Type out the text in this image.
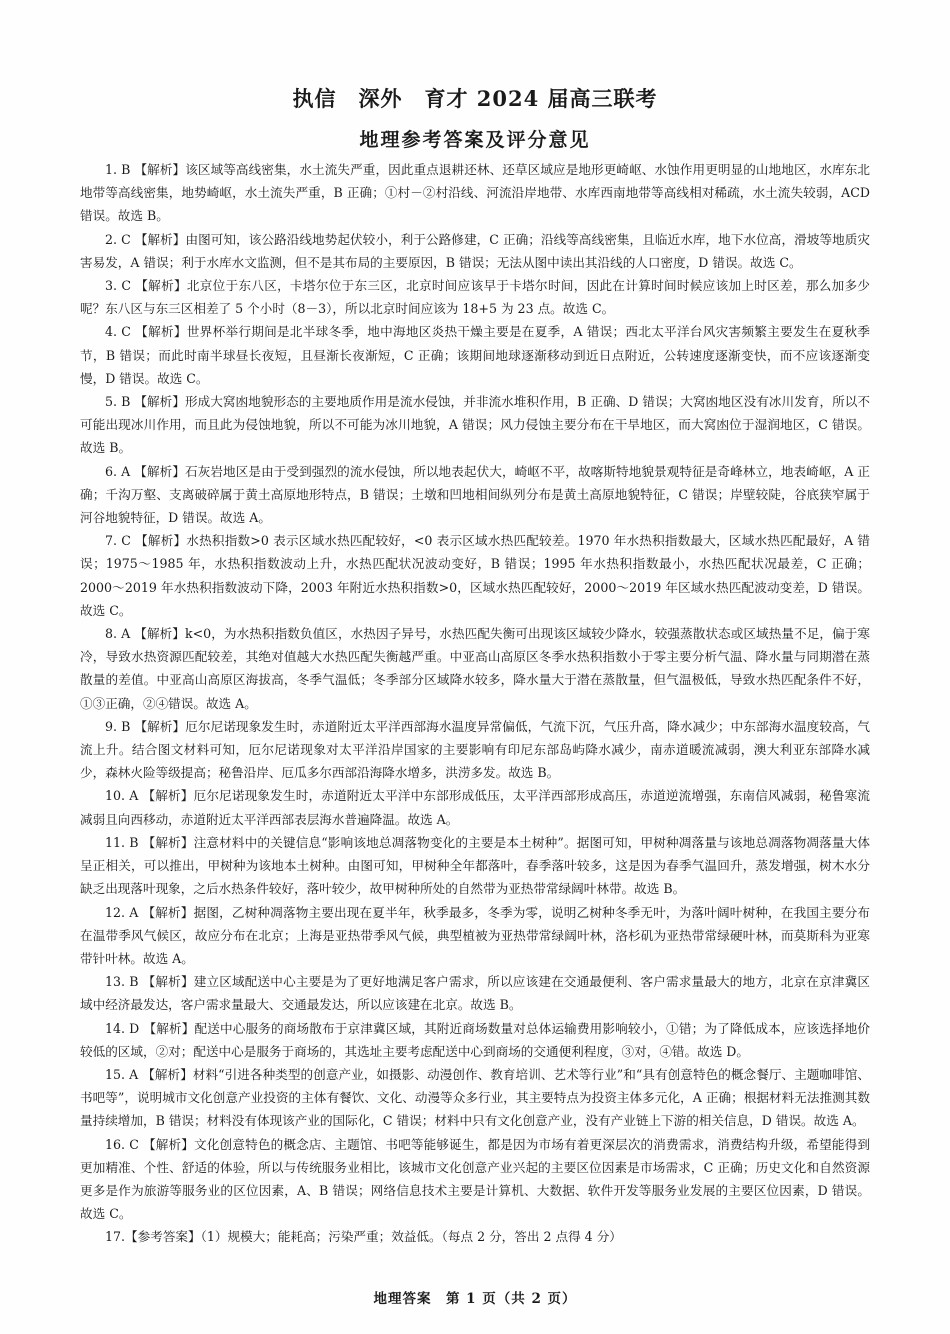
执信　深外　育才 2024 届高三联考
地理参考答案及评分意见

1. B 【解析】该区域等高线密集，水土流失严重，因此重点退耕还林、还草区域应是地形更崎岖、水蚀作用更明显的山地地区，水库东北地带等高线密集，地势崎岖，水土流失严重，B 正确；①村－②村沿线、河流沿岸地带、水库西南地带等高线相对稀疏，水土流失较弱，ACD 错误。故选 B。

2. C 【解析】由图可知，该公路沿线地势起伏较小，利于公路修建，C 正确；沿线等高线密集，且临近水库，地下水位高，滑坡等地质灾害易发，A 错误；利于水库水文监测，但不是其布局的主要原因，B 错误；无法从图中读出其沿线的人口密度，D 错误。故选 C。

3. C 【解析】北京位于东八区，卡塔尔位于东三区，北京时间应该早于卡塔尔时间，因此在计算时间时候应该加上时区差，那么加多少呢？东八区与东三区相差了 5 个小时（8－3），所以北京时间应该为 18+5 为 23 点。故选 C。

4. C 【解析】世界杯举行期间是北半球冬季，地中海地区炎热干燥主要是在夏季，A 错误；西北太平洋台风灾害频繁主要发生在夏秋季节，B 错误；而此时南半球昼长夜短，且昼渐长夜渐短，C 正确；该期间地球逐渐移动到近日点附近，公转速度逐渐变快，而不应该逐渐变慢，D 错误。故选 C。

5. B 【解析】形成大窝凼地貌形态的主要地质作用是流水侵蚀，并非流水堆积作用，B 正确、D 错误；大窝凼地区没有冰川发育，所以不可能出现冰川作用，而且此为侵蚀地貌，所以不可能为冰川地貌，A 错误；风力侵蚀主要分布在干旱地区，而大窝凼位于湿润地区，C 错误。故选 B。

6. A 【解析】石灰岩地区是由于受到强烈的流水侵蚀，所以地表起伏大，崎岖不平，故喀斯特地貌景观特征是奇峰林立，地表崎岖，A 正确；千沟万壑、支离破碎属于黄土高原地形特点，B 错误；土墩和凹地相间纵列分布是黄土高原地貌特征，C 错误；岸壁较陡，谷底狭窄属于河谷地貌特征，D 错误。故选 A。

7. C 【解析】水热积指数>0 表示区域水热匹配较好，<0 表示区域水热匹配较差。1970 年水热积指数最大，区域水热匹配最好，A 错误；1975～1985 年，水热积指数波动上升，水热匹配状况波动变好，B 错误；1995 年水热积指数最小，水热匹配状况最差，C 正确；2000～2019 年水热积指数波动下降，2003 年附近水热积指数>0，区域水热匹配较好，2000～2019 年区域水热匹配波动变差，D 错误。故选 C。

8. A 【解析】k<0，为水热积指数负值区，水热因子异号，水热匹配失衡可出现该区域较少降水，较强蒸散状态或区域热量不足，偏于寒冷，导致水热资源匹配较差，其绝对值越大水热匹配失衡越严重。中亚高山高原区冬季水热积指数小于零主要分析气温、降水量与同期潜在蒸散量的差值。中亚高山高原区海拔高，冬季气温低；冬季部分区域降水较多，降水量大于潜在蒸散量，但气温极低，导致水热匹配条件不好，①③正确，②④错误。故选 A。

9. B 【解析】厄尔尼诺现象发生时，赤道附近太平洋西部海水温度异常偏低，气流下沉，气压升高，降水减少；中东部海水温度较高，气流上升。结合图文材料可知，厄尔尼诺现象对太平洋沿岸国家的主要影响有印尼东部岛屿降水减少，南赤道暖流减弱，澳大利亚东部降水减少，森林火险等级提高；秘鲁沿岸、厄瓜多尔西部沿海降水增多，洪涝多发。故选 B。

10. A 【解析】厄尔尼诺现象发生时，赤道附近太平洋中东部形成低压，太平洋西部形成高压，赤道逆流增强，东南信风减弱，秘鲁寒流减弱且向西移动，赤道附近太平洋西部表层海水普遍降温。故选 A。

11. B 【解析】注意材料中的关键信息“影响该地总凋落物变化的主要是本土树种”。据图可知，甲树种凋落量与该地总凋落物凋落量大体呈正相关，可以推出，甲树种为该地本土树种。由图可知，甲树种全年都落叶，春季落叶较多，这是因为春季气温回升，蒸发增强，树木水分缺乏出现落叶现象，之后水热条件较好，落叶较少，故甲树种所处的自然带为亚热带常绿阔叶林带。故选 B。

12. A 【解析】据图，乙树种凋落物主要出现在夏半年，秋季最多，冬季为零，说明乙树种冬季无叶，为落叶阔叶树种，在我国主要分布在温带季风气候区，故应分布在北京；上海是亚热带季风气候，典型植被为亚热带常绿阔叶林，洛杉矶为亚热带常绿硬叶林，而莫斯科为亚寒带针叶林。故选 A。

13. B 【解析】建立区域配送中心主要是为了更好地满足客户需求，所以应该建在交通最便利、客户需求量最大的地方，北京在京津冀区域中经济最发达，客户需求量最大、交通最发达，所以应该建在北京。故选 B。

14. D 【解析】配送中心服务的商场散布于京津冀区域，其附近商场数量对总体运输费用影响较小，①错；为了降低成本，应该选择地价较低的区域，②对；配送中心是服务于商场的，其选址主要考虑配送中心到商场的交通便利程度，③对，④错。故选 D。

15. A 【解析】材料“引进各种类型的创意产业，如摄影、动漫创作、教育培训、艺术等行业”和“具有创意特色的概念餐厅、主题咖啡馆、书吧等”，说明城市文化创意产业投资的主体有餐饮、文化、动漫等众多行业，其主要特点为投资主体多元化，A 正确；根据材料无法推测其数量持续增加，B 错误；材料没有体现该产业的国际化，C 错误；材料中只有文化创意产业，没有产业链上下游的相关信息，D 错误。故选 A。

16. C 【解析】文化创意特色的概念店、主题馆、书吧等能够诞生，都是因为市场有着更深层次的消费需求，消费结构升级，希望能得到更加精准、个性、舒适的体验，所以与传统服务业相比，该城市文化创意产业兴起的主要区位因素是市场需求，C 正确；历史文化和自然资源更多是作为旅游等服务业的区位因素，A、B 错误；网络信息技术主要是计算机、大数据、软件开发等服务业发展的主要区位因素，D 错误。故选 C。

17.【参考答案】（1）规模大；能耗高；污染严重；效益低。（每点 2 分，答出 2 点得 4 分）

地理答案　第 1 页（共 2 页）
